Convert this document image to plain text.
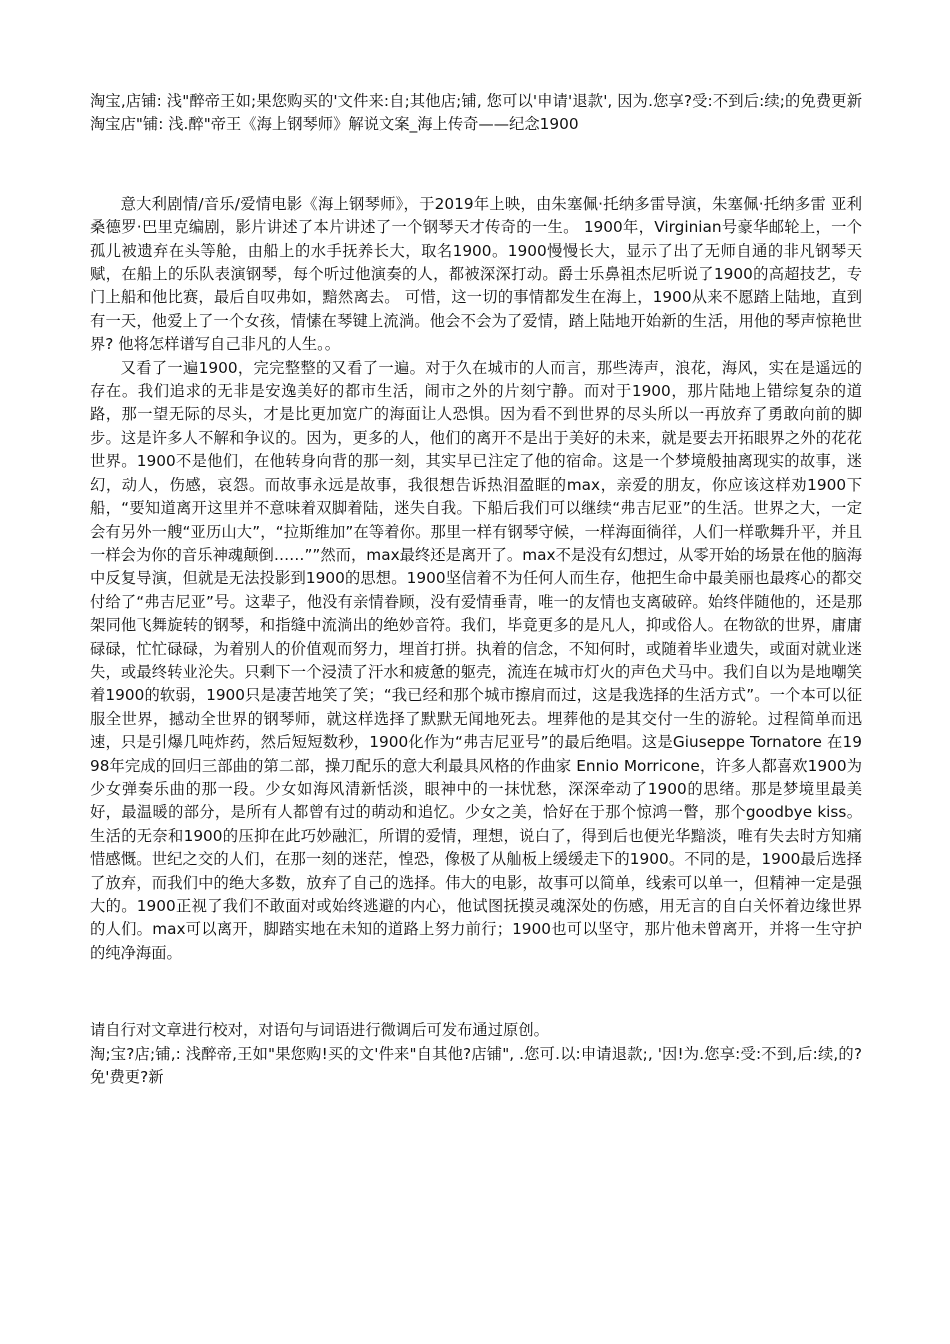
淘宝,店铺: 浅"醉帝王如;果您购买的'文件来:自;其他店;铺, 您可以'申请'退款', 因为.您享?受:不到后:续;的免费更新淘宝店"铺: 浅.醉"帝王《海上钢琴师》解说文案_海上传奇——纪念1900

意大利剧情/音乐/爱情电影《海上钢琴师》，于2019年上映，由朱塞佩·托纳多雷导演，朱塞佩·托纳多雷 亚利桑德罗·巴里克编剧，影片讲述了本片讲述了一个钢琴天才传奇的一生。 1900年，Virginian号豪华邮轮上，一个孤儿被遗弃在头等舱，由船上的水手抚养长大，取名1900。1900慢慢长大，显示了出了无师自通的非凡钢琴天赋，在船上的乐队表演钢琴，每个听过他演奏的人，都被深深打动。爵士乐鼻祖杰尼听说了1900的高超技艺，专门上船和他比赛，最后自叹弗如，黯然离去。 可惜，这一切的事情都发生在海上，1900从来不愿踏上陆地，直到有一天，他爱上了一个女孩，情愫在琴键上流淌。他会不会为了爱情，踏上陆地开始新的生活，用他的琴声惊艳世界? 他将怎样谱写自己非凡的人生。。

又看了一遍1900，完完整整的又看了一遍。对于久在城市的人而言，那些涛声，浪花，海风，实在是遥远的存在。我们追求的无非是安逸美好的都市生活，闹市之外的片刻宁静。而对于1900，那片陆地上错综复杂的道路，那一望无际的尽头，才是比更加宽广的海面让人恐惧。因为看不到世界的尽头所以一再放弃了勇敢向前的脚步。这是许多人不解和争议的。因为，更多的人，他们的离开不是出于美好的未来，就是要去开拓眼界之外的花花世界。1900不是他们，在他转身向背的那一刻，其实早已注定了他的宿命。这是一个梦境般抽离现实的故事，迷幻，动人，伤感，哀怨。而故事永远是故事，我很想告诉热泪盈眶的max，亲爱的朋友，你应该这样劝1900下船，“要知道离开这里并不意味着双脚着陆，迷失自我。下船后我们可以继续“弗吉尼亚”的生活。世界之大，一定会有另外一艘“亚历山大”，“拉斯维加”在等着你。那里一样有钢琴守候，一样海面徜徉，人们一样歌舞升平，并且一样会为你的音乐神魂颠倒……””然而，max最终还是离开了。max不是没有幻想过，从零开始的场景在他的脑海中反复导演，但就是无法投影到1900的思想。1900坚信着不为任何人而生存，他把生命中最美丽也最疼心的都交付给了“弗吉尼亚”号。这辈子，他没有亲情眷顾，没有爱情垂青，唯一的友情也支离破碎。始终伴随他的，还是那架同他飞舞旋转的钢琴，和指缝中流淌出的绝妙音符。我们，毕竟更多的是凡人，抑或俗人。在物欲的世界，庸庸碌碌，忙忙碌碌，为着别人的价值观而努力，埋首打拼。执着的信念，不知何时，或随着毕业遗失，或面对就业迷失，或最终转业沦失。只剩下一个浸渍了汗水和疲惫的躯壳，流连在城市灯火的声色犬马中。我们自以为是地嘲笑着1900的软弱，1900只是凄苦地笑了笑；“我已经和那个城市擦肩而过，这是我选择的生活方式”。一个本可以征服全世界，撼动全世界的钢琴师，就这样选择了默默无闻地死去。埋葬他的是其交付一生的游轮。过程简单而迅速，只是引爆几吨炸药，然后短短数秒，1900化作为“弗吉尼亚号”的最后绝唱。这是Giuseppe Tornatore 在1998年完成的回归三部曲的第二部，操刀配乐的意大利最具风格的作曲家 Ennio Morricone，许多人都喜欢1900为少女弹奏乐曲的那一段。少女如海风清新恬淡，眼神中的一抹忧愁，深深牵动了1900的思绪。那是梦境里最美好，最温暖的部分，是所有人都曾有过的萌动和追忆。少女之美，恰好在于那个惊鸿一瞥，那个goodbye kiss。生活的无奈和1900的压抑在此巧妙融汇，所谓的爱情，理想，说白了，得到后也便光华黯淡，唯有失去时方知痛惜感慨。世纪之交的人们，在那一刻的迷茫，惶恐，像极了从舢板上缓缓走下的1900。不同的是，1900最后选择了放弃，而我们中的绝大多数，放弃了自己的选择。伟大的电影，故事可以简单，线索可以单一，但精神一定是强大的。1900正视了我们不敢面对或始终逃避的内心，他试图抚摸灵魂深处的伤感，用无言的自白关怀着边缘世界的人们。max可以离开，脚踏实地在未知的道路上努力前行；1900也可以坚守，那片他未曾离开，并将一生守护的纯净海面。

请自行对文章进行校对，对语句与词语进行微调后可发布通过原创。

淘;宝?店;铺,: 浅醉帝,王如"果您购!买的文'件来"自其他?店铺", .您可.以:申请退款;, '因!为.您享:受:不到,后:续,的?免'费更?新
